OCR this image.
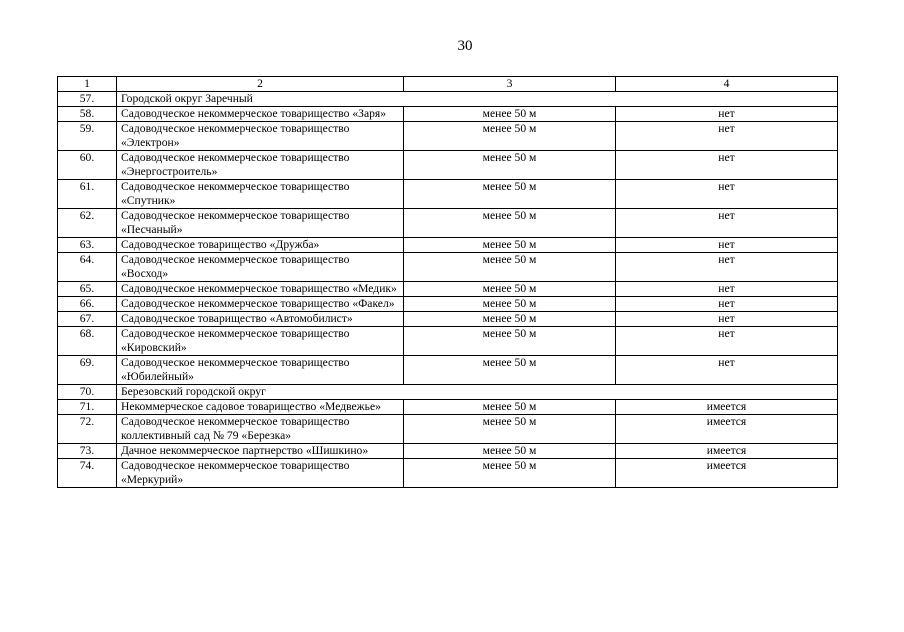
30
1	2	3	4
57.	Городской округ Заречный		
58.	Садоводческое некоммерческое товарищество «Заря»	менее 50 м	нет
59.	Садоводческое некоммерческое товарищество «Электрон»	менее 50 м	нет
60.	Садоводческое некоммерческое товарищество «Энергостроитель»	менее 50 м	нет
61.	Садоводческое некоммерческое товарищество «Спутник»	менее 50 м	нет
62.	Садоводческое некоммерческое товарищество «Песчаный»	менее 50 м	нет
63.	Садоводческое товарищество «Дружба»	менее 50 м	нет
64.	Садоводческое некоммерческое товарищество «Восход»	менее 50 м	нет
65.	Садоводческое некоммерческое товарищество «Медик»	менее 50 м	нет
66.	Садоводческое некоммерческое товарищество «Факел»	менее 50 м	нет
67.	Садоводческое товарищество «Автомобилист»	менее 50 м	нет
68.	Садоводческое некоммерческое товарищество «Кировский»	менее 50 м	нет
69.	Садоводческое некоммерческое товарищество «Юбилейный»	менее 50 м	нет
70.	Березовский городской округ		
71.	Некоммерческое садовое товарищество «Медвежье»	менее 50 м	имеется
72.	Садоводческое некоммерческое товарищество коллективный сад № 79 «Березка»	менее 50 м	имеется
73.	Дачное некоммерческое партнерство «Шишкино»	менее 50 м	имеется
74.	Садоводческое некоммерческое товарищество «Меркурий»	менее 50 м	имеется
